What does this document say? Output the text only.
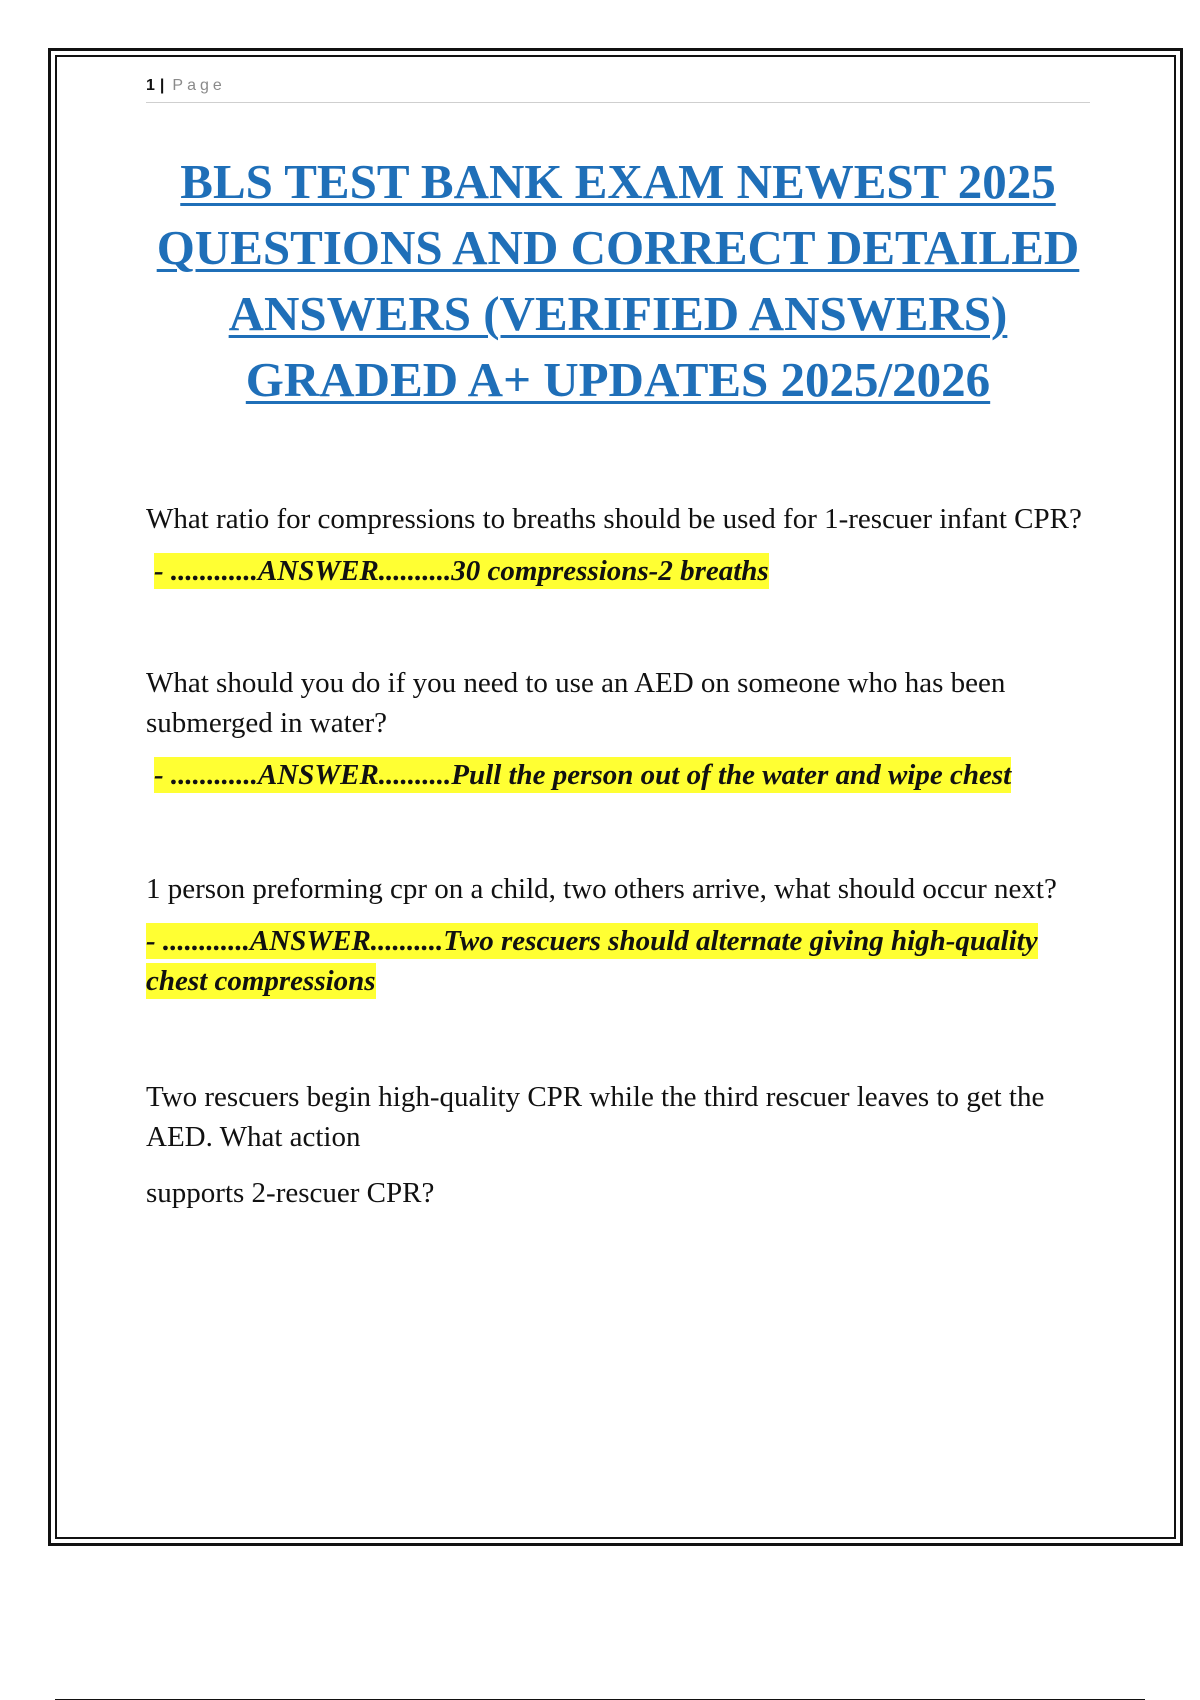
1 | Page
BLS TEST BANK EXAM NEWEST 2025 QUESTIONS AND CORRECT DETAILED ANSWERS (VERIFIED ANSWERS) GRADED A+ UPDATES 2025/2026

What ratio for compressions to breaths should be used for 1-rescuer infant CPR?

- ............ANSWER..........30 compressions-2 breaths

What should you do if you need to use an AED on someone who has been submerged in water?

- ............ANSWER..........Pull the person out of the water and wipe chest

1 person preforming cpr on a child, two others arrive, what should occur next?

- ............ANSWER..........Two rescuers should alternate giving high-quality chest compressions

Two rescuers begin high-quality CPR while the third rescuer leaves to get the AED. What action

supports 2-rescuer CPR?
